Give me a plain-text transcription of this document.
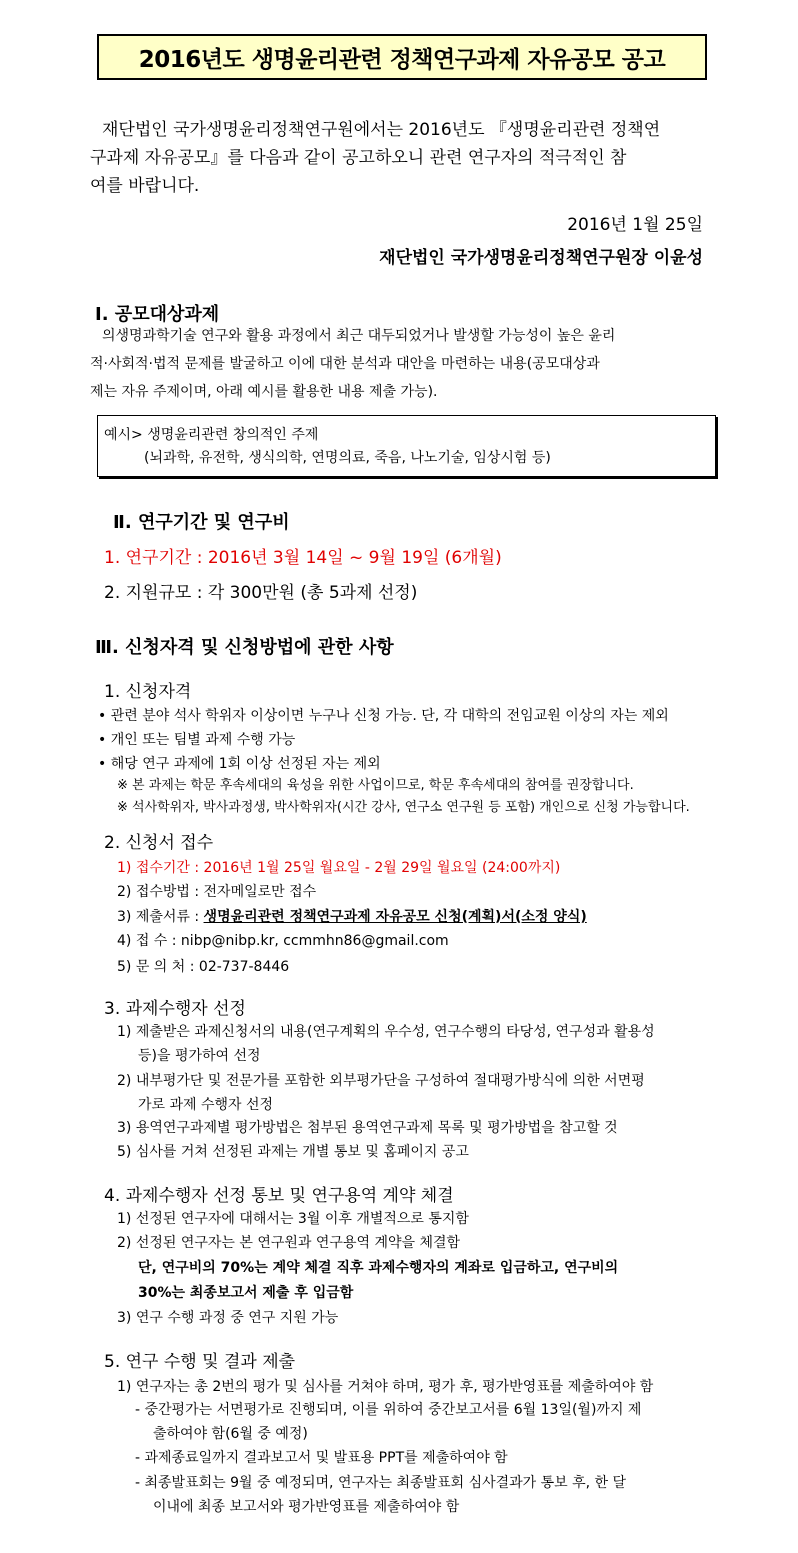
2016년도 생명윤리관련 정책연구과제 자유공모 공고
재단법인 국가생명윤리정책연구원에서는 2016년도 『생명윤리관련 정책연
구과제 자유공모』를 다음과 같이 공고하오니 관련 연구자의 적극적인 참
여를 바랍니다.
2016년 1월 25일
재단법인 국가생명윤리정책연구원장 이윤성
Ⅰ. 공모대상과제
의생명과학기술 연구와 활용 과정에서 최근 대두되었거나 발생할 가능성이 높은 윤리
적·사회적·법적 문제를 발굴하고 이에 대한 분석과 대안을 마련하는 내용(공모대상과
제는 자유 주제이며, 아래 예시를 활용한 내용 제출 가능).
예시> 생명윤리관련 창의적인 주제
(뇌과학, 유전학, 생식의학, 연명의료, 죽음, 나노기술, 임상시험 등)
Ⅱ. 연구기간 및 연구비
1. 연구기간 : 2016년 3월 14일 ~ 9월 19일 (6개월)
2. 지원규모 : 각 300만원 (총 5과제 선정)
Ⅲ. 신청자격 및 신청방법에 관한 사항
1. 신청자격
• 관련 분야 석사 학위자 이상이면 누구나 신청 가능. 단, 각 대학의 전임교원 이상의 자는 제외
• 개인 또는 팀별 과제 수행 가능
• 해당 연구 과제에 1회 이상 선정된 자는 제외
※ 본 과제는 학문 후속세대의 육성을 위한 사업이므로, 학문 후속세대의 참여를 권장합니다.
※ 석사학위자, 박사과정생, 박사학위자(시간 강사, 연구소 연구원 등 포함) 개인으로 신청 가능합니다.
2. 신청서 접수
1) 접수기간 : 2016년 1월 25일 월요일 - 2월 29일 월요일 (24:00까지)
2) 접수방법 : 전자메일로만 접수
3) 제출서류 : 생명윤리관련 정책연구과제 자유공모 신청(계획)서(소정 양식)
4) 접 수 : nibp@nibp.kr, ccmmhn86@gmail.com
5) 문 의 처 : 02-737-8446
3. 과제수행자 선정
1) 제출받은 과제신청서의 내용(연구계획의 우수성, 연구수행의 타당성, 연구성과 활용성
등)을 평가하여 선정
2) 내부평가단 및 전문가를 포함한 외부평가단을 구성하여 절대평가방식에 의한 서면평
가로 과제 수행자 선정
3) 용역연구과제별 평가방법은 첨부된 용역연구과제 목록 및 평가방법을 참고할 것
5) 심사를 거쳐 선정된 과제는 개별 통보 및 홈페이지 공고
4. 과제수행자 선정 통보 및 연구용역 계약 체결
1) 선정된 연구자에 대해서는 3월 이후 개별적으로 통지함
2) 선정된 연구자는 본 연구원과 연구용역 계약을 체결함
단, 연구비의 70%는 계약 체결 직후 과제수행자의 계좌로 입금하고, 연구비의
30%는 최종보고서 제출 후 입금함
3) 연구 수행 과정 중 연구 지원 가능
5. 연구 수행 및 결과 제출
1) 연구자는 총 2번의 평가 및 심사를 거쳐야 하며, 평가 후, 평가반영표를 제출하여야 함
- 중간평가는 서면평가로 진행되며, 이를 위하여 중간보고서를 6월 13일(월)까지 제
출하여야 함(6월 중 예정)
- 과제종료일까지 결과보고서 및 발표용 PPT를 제출하여야 함
- 최종발표회는 9월 중 예정되며, 연구자는 최종발표회 심사결과가 통보 후, 한 달
이내에 최종 보고서와 평가반영표를 제출하여야 함
